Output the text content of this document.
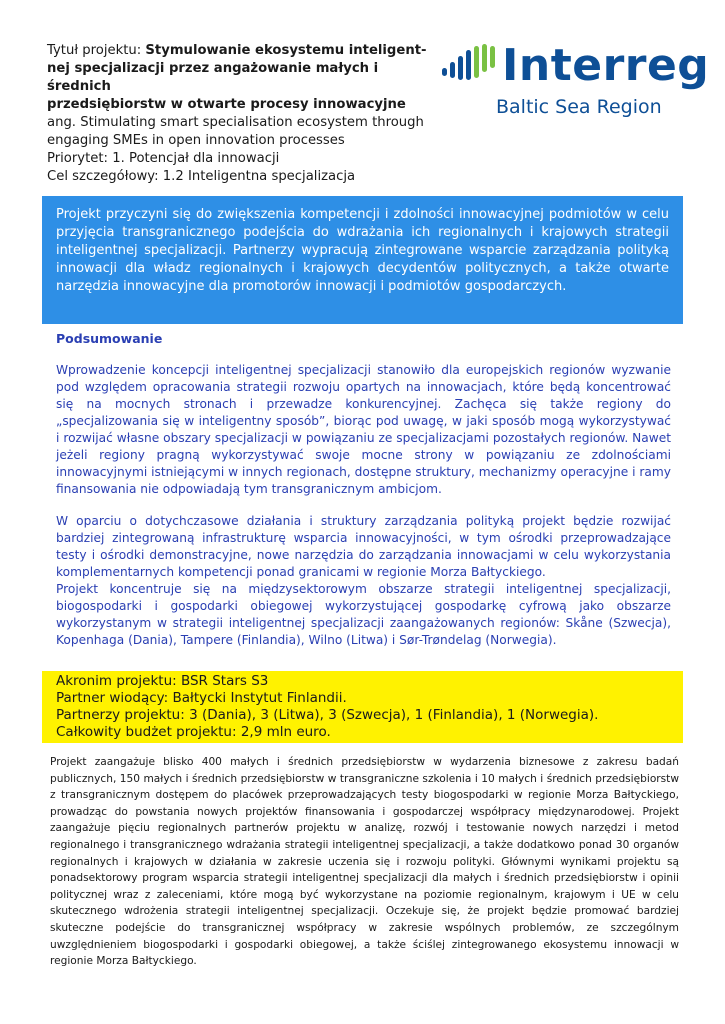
Tytuł projektu: Stymulowanie ekosystemu inteligent-
nej specjalizacji przez angażowanie małych i średnich
przedsiębiorstw w otwarte procesy innowacyjne
ang. Stimulating smart specialisation ecosystem through
engaging SMEs in open innovation processes
Priorytet: 1. Potencjał dla innowacji
Cel szczegółowy: 1.2 Inteligentna specjalizacja
Interreg
Baltic Sea Region
Projekt przyczyni się do zwiększenia kompetencji i zdolności innowacyjnej podmiotów w celu przyjęcia transgranicznego podejścia do wdrażania ich regionalnych i krajowych strategii inteligentnej specjalizacji. Partnerzy wypracują zintegrowane wsparcie zarządzania polityką innowacji dla władz regionalnych i krajowych decydentów politycznych, a także otwarte narzędzia innowacyjne dla promotorów innowacji i podmiotów gospodarczych.
Podsumowanie

Wprowadzenie koncepcji inteligentnej specjalizacji stanowiło dla europejskich regionów wyzwanie pod względem opracowania strategii rozwoju opartych na innowacjach, które będą koncentrować się na mocnych stronach i przewadze konkurencyjnej. Zachęca się także regiony do „specjalizowania się w inteligentny sposób”, biorąc pod uwagę, w jaki sposób mogą wykorzystywać i rozwijać własne obszary specjalizacji w powiązaniu ze specjalizacjami pozostałych regionów. Nawet jeżeli regiony pragną wykorzystywać swoje mocne strony w powiązaniu ze zdolnościami innowacyjnymi istniejącymi w innych regionach, dostępne struktury, mechanizmy operacyjne i ramy finansowania nie odpowiadają tym transgranicznym ambicjom.

W oparciu o dotychczasowe działania i struktury zarządzania polityką projekt będzie rozwijać bardziej zintegrowaną infrastrukturę wsparcia innowacyjności, w tym ośrodki przeprowadzające testy i ośrodki demonstracyjne, nowe narzędzia do zarządzania innowacjami w celu wykorzystania komplementarnych kompetencji ponad granicami w regionie Morza Bałtyckiego.

Projekt koncentruje się na międzysektorowym obszarze strategii inteligentnej specjalizacji, biogospodarki i gospodarki obiegowej wykorzystującej gospodarkę cyfrową jako obszarze wykorzystanym w strategii inteligentnej specjalizacji zaangażowanych regionów: Skåne (Szwecja), Kopenhaga (Dania), Tampere (Finlandia), Wilno (Litwa) i Sør-Trøndelag (Norwegia).

Akronim projektu: BSR Stars S3
Partner wiodący: Bałtycki Instytut Finlandii.
Partnerzy projektu: 3 (Dania), 3 (Litwa), 3 (Szwecja), 1 (Finlandia), 1 (Norwegia).
Całkowity budżet projektu: 2,9 mln euro.
Projekt zaangażuje blisko 400 małych i średnich przedsiębiorstw w wydarzenia biznesowe z zakresu badań publicznych, 150 małych i średnich przedsiębiorstw w transgraniczne szkolenia i 10 małych i średnich przedsiębiorstw z transgranicznym dostępem do placówek przeprowadzających testy biogospodarki w regionie Morza Bałtyckiego, prowadząc do powstania nowych projektów finansowania i gospodarczej współpracy międzynarodowej. Projekt zaangażuje pięciu regionalnych partnerów projektu w analizę, rozwój i testowanie nowych narzędzi i metod regionalnego i transgranicznego wdrażania strategii inteligentnej specjalizacji, a także dodatkowo ponad 30 organów regionalnych i krajowych w działania w zakresie uczenia się i rozwoju polityki. Głównymi wynikami projektu są ponadsektorowy program wsparcia strategii inteligentnej specjalizacji dla małych i średnich przedsiębiorstw i opinii politycznej wraz z zaleceniami, które mogą być wykorzystane na poziomie regionalnym, krajowym i UE w celu skutecznego wdrożenia strategii inteligentnej specjalizacji. Oczekuje się, że projekt będzie promować bardziej skuteczne podejście do transgranicznej współpracy w zakresie wspólnych problemów, ze szczególnym uwzględnieniem biogospodarki i gospodarki obiegowej, a także ściślej zintegrowanego ekosystemu innowacji w regionie Morza Bałtyckiego.
